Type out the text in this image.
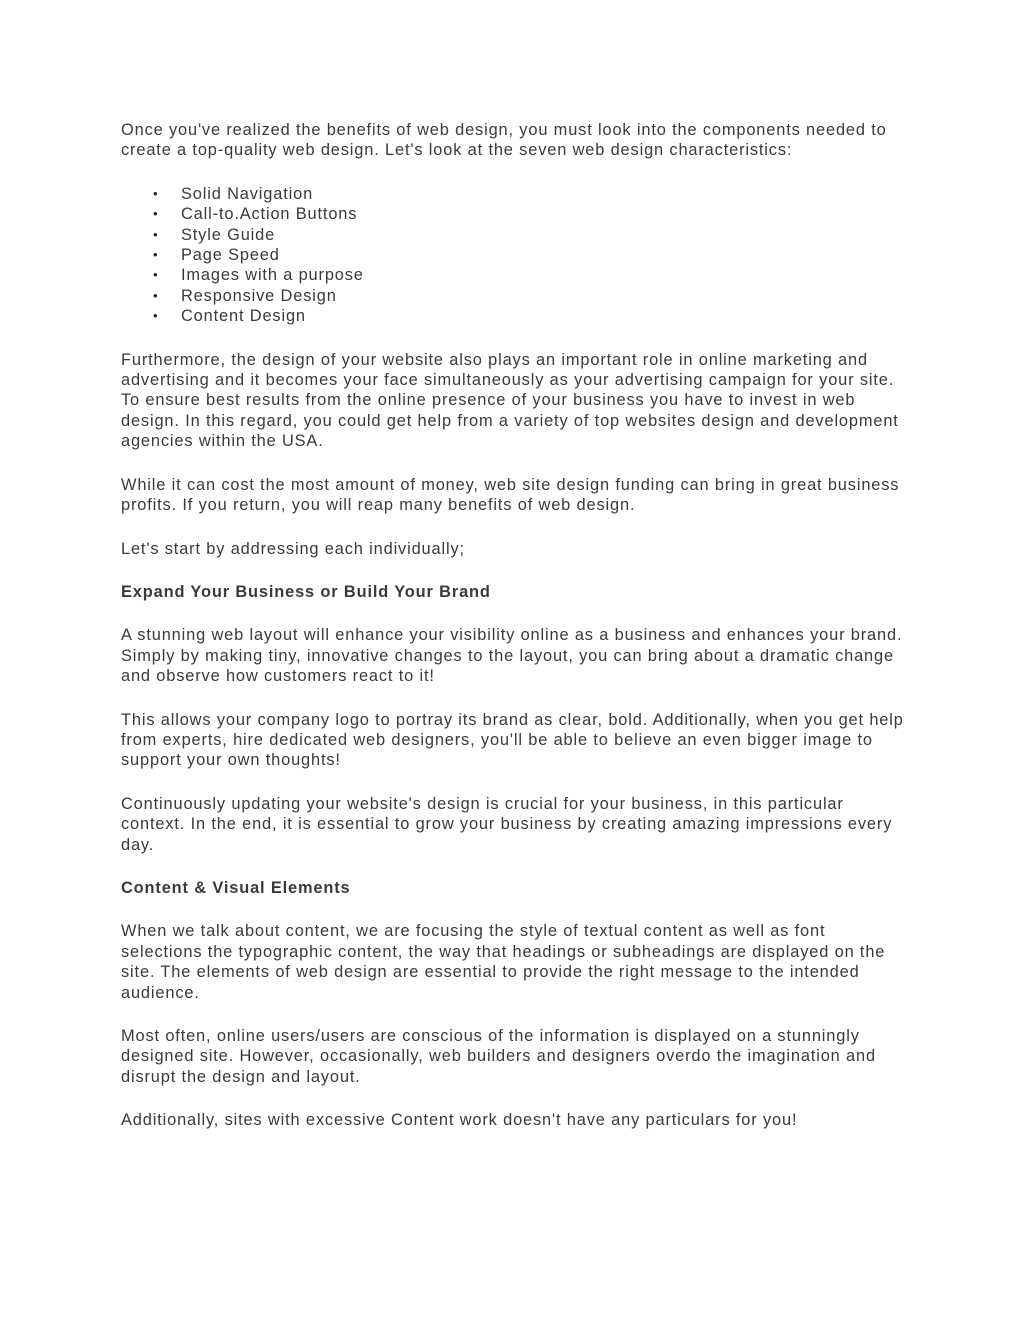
Once you've realized the benefits of web design, you must look into the components needed to create a top-quality web design. Let's look at the seven web design characteristics:

• Solid Navigation
• Call-to.Action Buttons
• Style Guide
• Page Speed
• Images with a purpose
• Responsive Design
• Content Design

Furthermore, the design of your website also plays an important role in online marketing and advertising and it becomes your face simultaneously as your advertising campaign for your site. To ensure best results from the online presence of your business you have to invest in web design. In this regard, you could get help from a variety of top websites design and development agencies within the USA.

While it can cost the most amount of money, web site design funding can bring in great business profits. If you return, you will reap many benefits of web design.

Let's start by addressing each individually;

Expand Your Business or Build Your Brand

A stunning web layout will enhance your visibility online as a business and enhances your brand. Simply by making tiny, innovative changes to the layout, you can bring about a dramatic change and observe how customers react to it!

This allows your company logo to portray its brand as clear, bold. Additionally, when you get help from experts, hire dedicated web designers, you'll be able to believe an even bigger image to support your own thoughts!

Continuously updating your website's design is crucial for your business, in this particular context. In the end, it is essential to grow your business by creating amazing impressions every day.

Content & Visual Elements

When we talk about content, we are focusing the style of textual content as well as font selections the typographic content, the way that headings or subheadings are displayed on the site. The elements of web design are essential to provide the right message to the intended audience.

Most often, online users/users are conscious of the information is displayed on a stunningly designed site. However, occasionally, web builders and designers overdo the imagination and disrupt the design and layout.

Additionally, sites with excessive Content work doesn't have any particulars for you!
